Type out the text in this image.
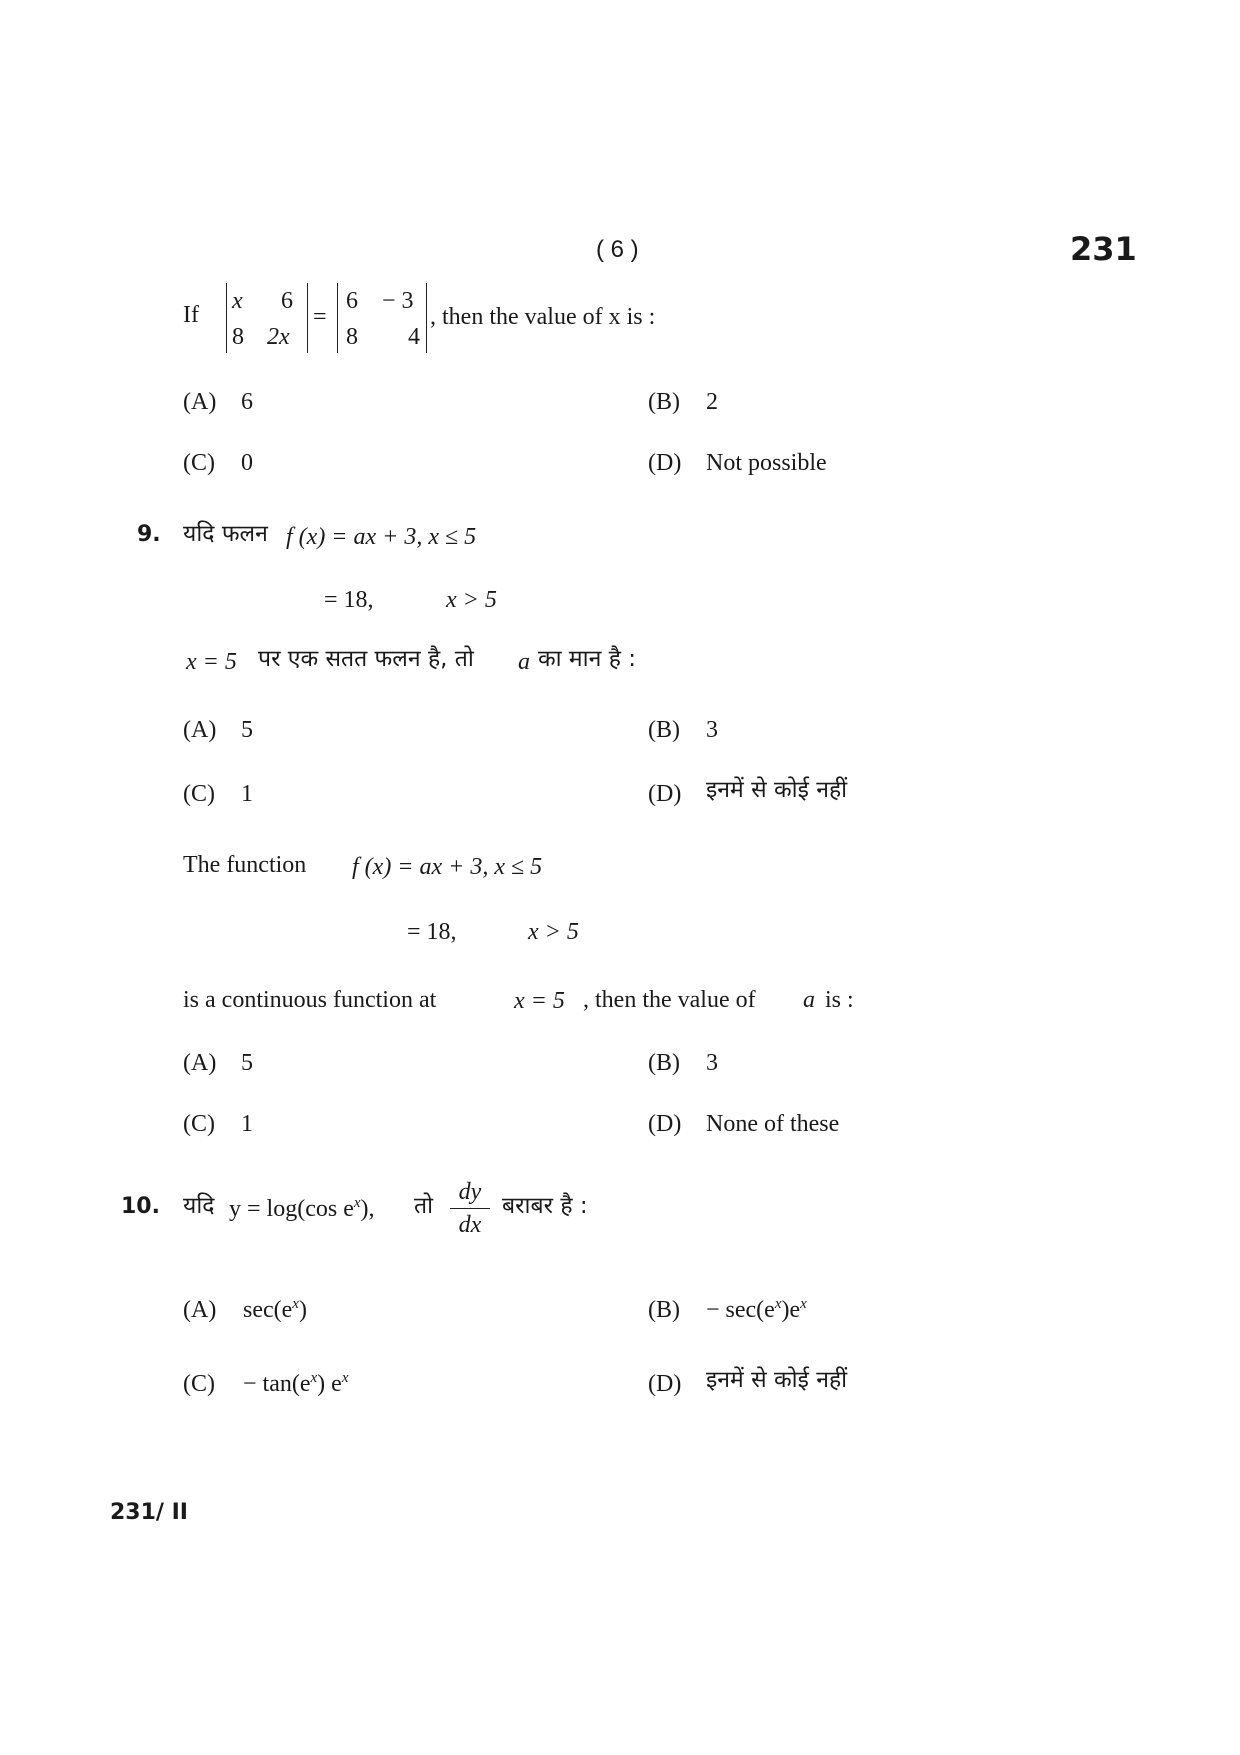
( 6 )	231
If
x 6
8 2x
=
6 − 3
8 4
, then the value of x is :
(A) 6	(B) 2
(C) 0	(D) Not possible
9. यदि फलन f (x) = ax + 3, x ≤ 5
= 18,	x > 5
x = 5 पर एक सतत फलन है, तो a का मान है :
(A) 5	(B) 3
(C) 1	(D) इनमें से कोई नहीं
The function f (x) = ax + 3, x ≤ 5
= 18,	x > 5
is a continuous function at	x = 5 , then the value of a is :
(A) 5	(B) 3
(C) 1	(D) None of these
10. यदि y = log(cos $e^x$), तो
dy
dx
बराबर है :
(A) $\sec(e^x)$	$(B) - \sec(e^x)e^x$
$(C) - \tan(e^x)$ $e^x$	(D) इनमें से कोई नहीं
231/ II
